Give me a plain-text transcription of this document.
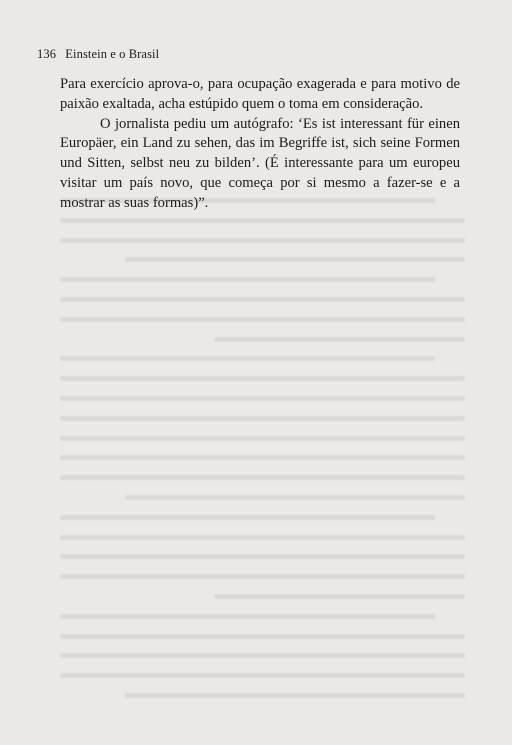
136 Einstein e o Brasil

Para exercício aprova-o, para ocupação exagerada e para motivo de paixão exaltada, acha estúpido quem o toma em consideração.

O jornalista pediu um autógrafo: ‘Es ist interessant für einen Europäer, ein Land zu sehen, das im Begriffe ist, sich seine Formen und Sitten, selbst neu zu bilden’. (É interessante para um europeu visitar um país novo, que começa por si mesmo a fazer-se e a mostrar as suas formas)”.
